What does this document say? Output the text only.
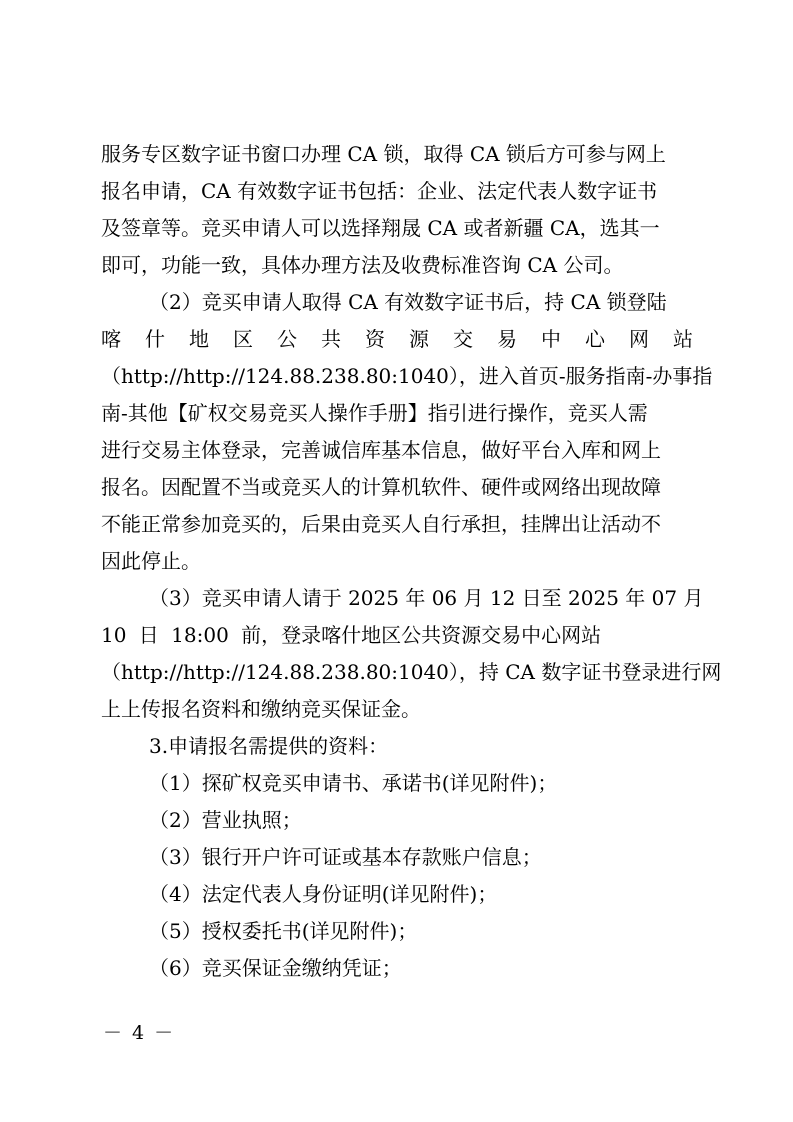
服务专区数字证书窗口办理 CA 锁，取得 CA 锁后方可参与网上
报名申请，CA 有效数字证书包括：企业、法定代表人数字证书
及签章等。竞买申请人可以选择翔晟 CA 或者新疆 CA，选其一
即可，功能一致，具体办理方法及收费标准咨询 CA 公司。
（2）竞买申请人取得 CA 有效数字证书后，持 CA 锁登陆
喀 什 地 区 公 共 资 源 交 易 中 心 网 站
（http://http://124.88.238.80:1040），进入首页-服务指南-办事指
南-其他【矿权交易竞买人操作手册】指引进行操作，竞买人需
进行交易主体登录，完善诚信库基本信息，做好平台入库和网上
报名。因配置不当或竞买人的计算机软件、硬件或网络出现故障
不能正常参加竞买的，后果由竞买人自行承担，挂牌出让活动不
因此停止。
（3）竞买申请人请于 2025 年 06 月 12 日至 2025 年 07 月
10 日 18:00 前，登录喀什地区公共资源交易中心网站
（http://http://124.88.238.80:1040），持 CA 数字证书登录进行网
上上传报名资料和缴纳竞买保证金。
3.申请报名需提供的资料：
（1）探矿权竞买申请书、承诺书(详见附件)；
（2）营业执照；
（3）银行开户许可证或基本存款账户信息；
（4）法定代表人身份证明(详见附件)；
（5）授权委托书(详见附件)；
（6）竞买保证金缴纳凭证；
－ 4 －
